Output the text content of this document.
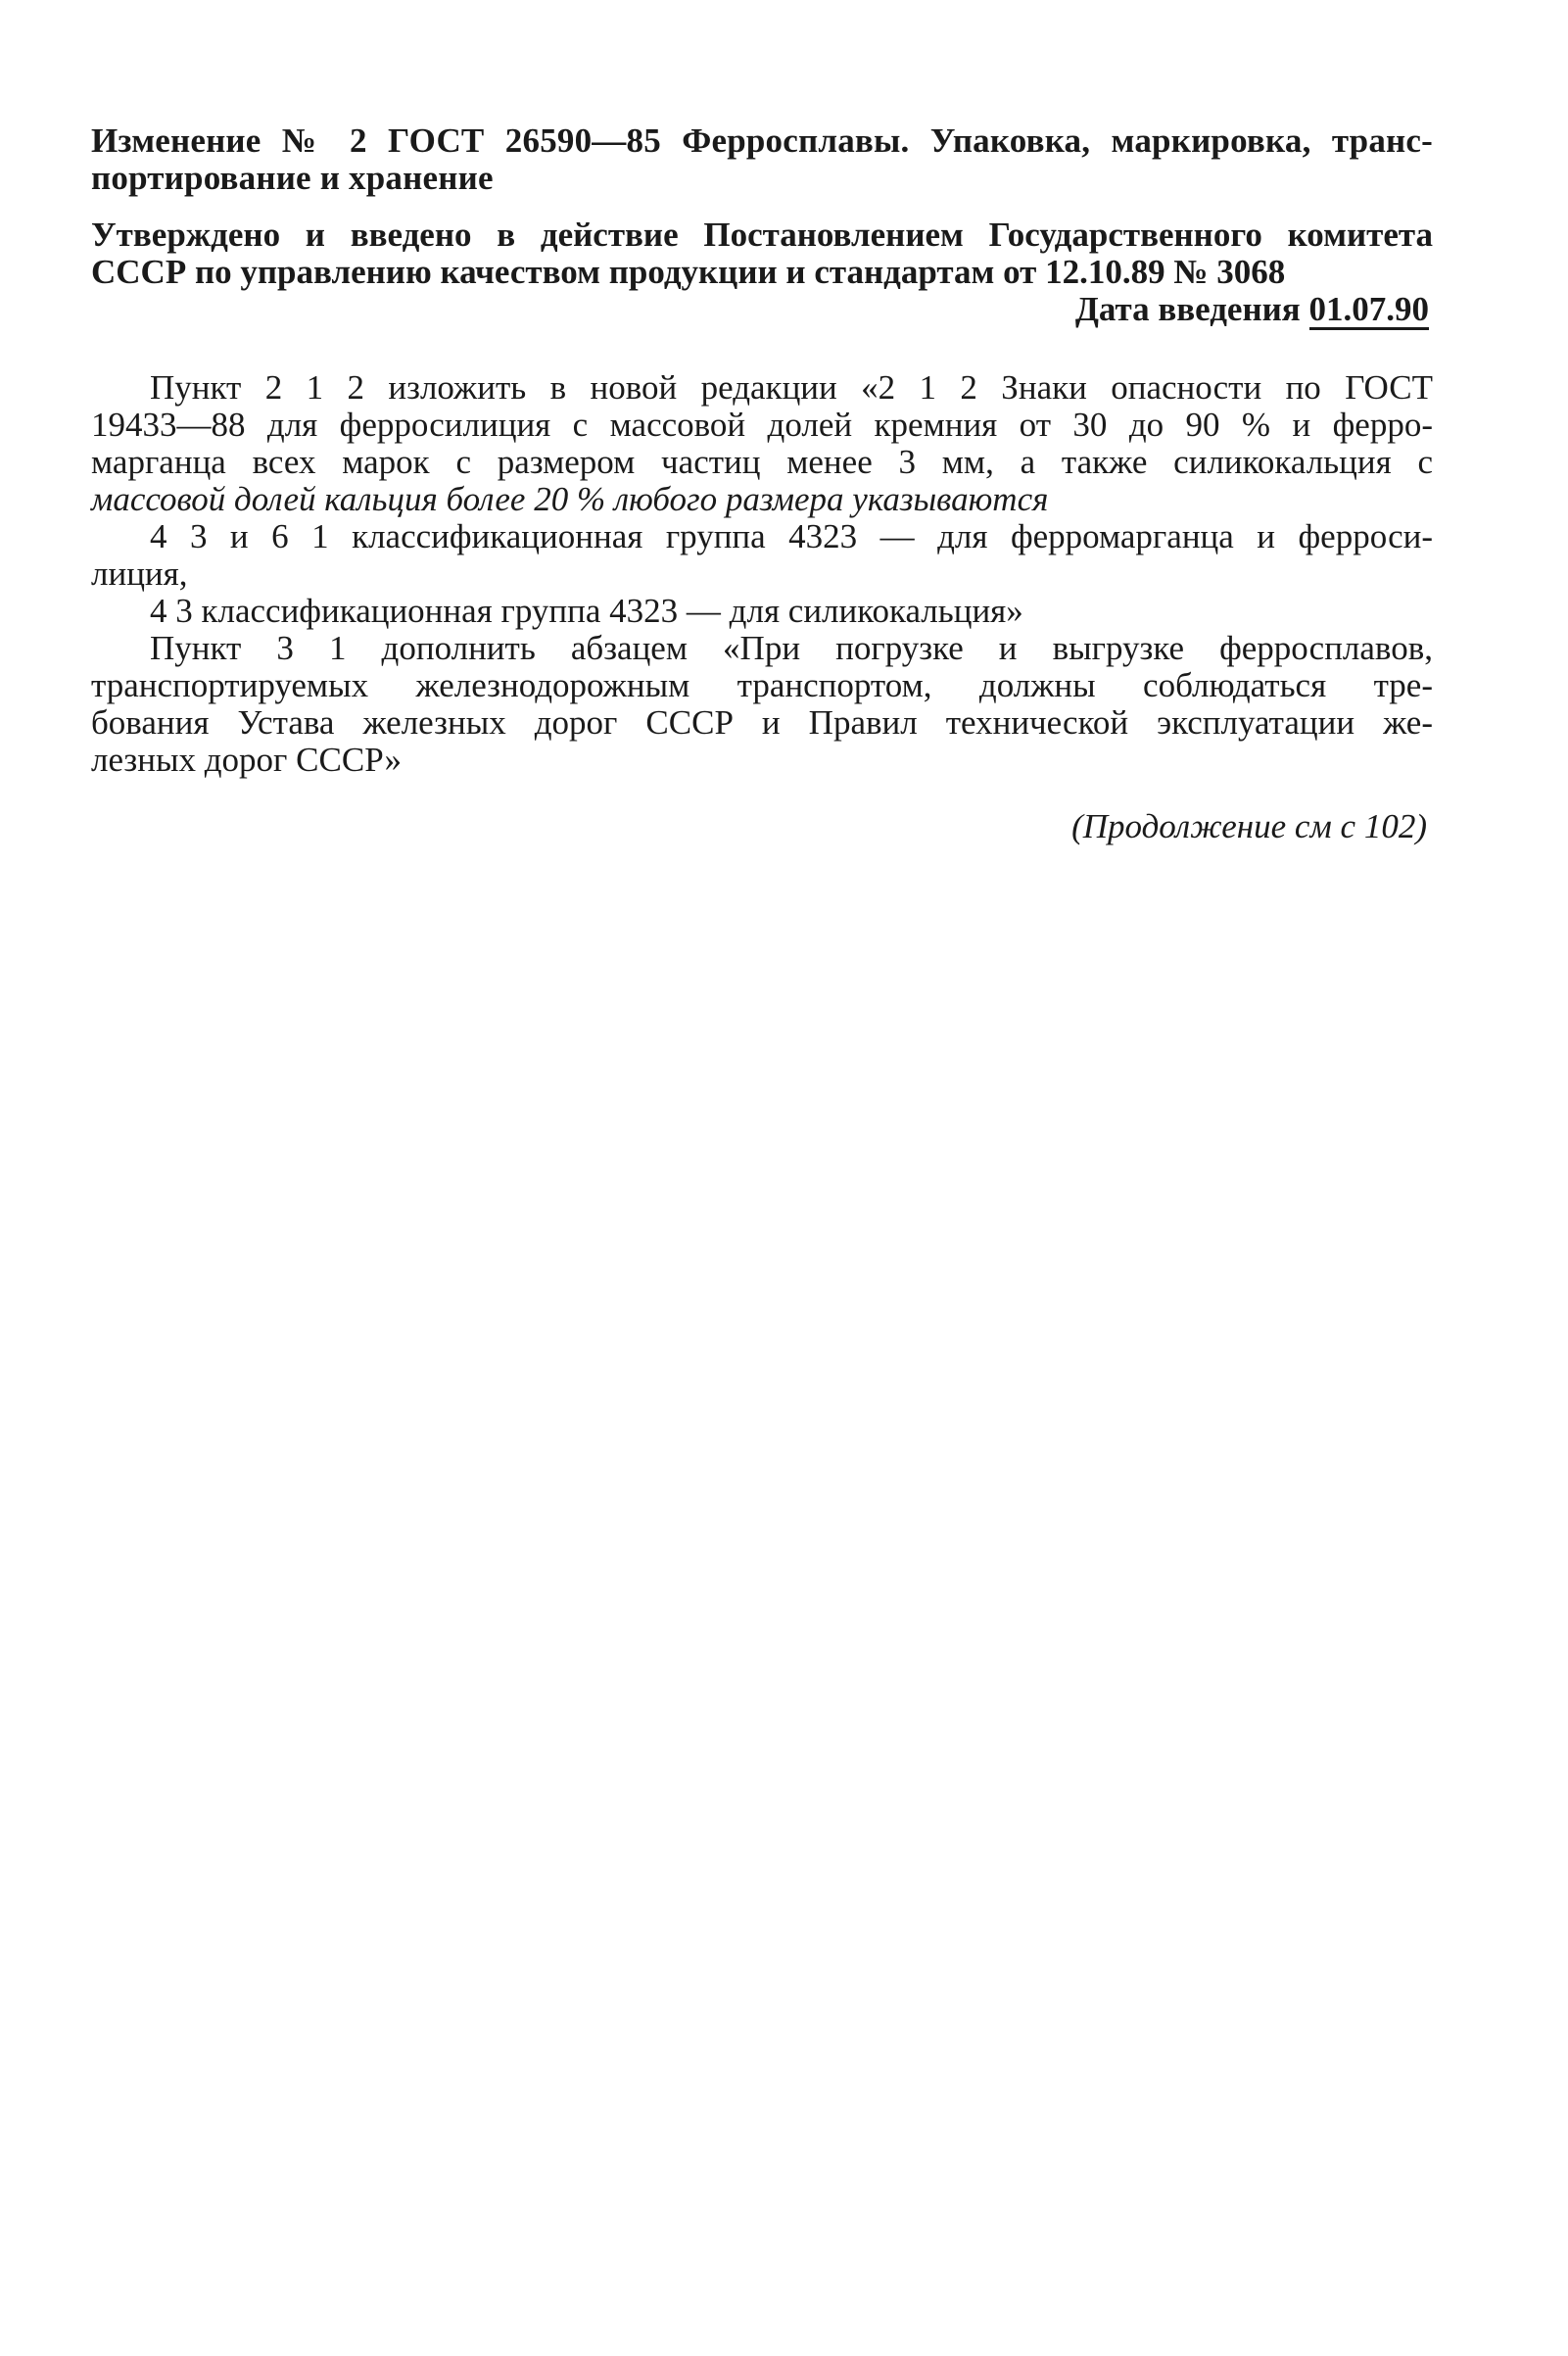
Изменение № 2 ГОСТ 26590—85 Ферросплавы. Упаковка, маркировка, транс-
портирование и хранение
Утверждено и введено в действие Постановлением Государственного комитета
СССР по управлению качеством продукции и стандартам от 12.10.89 № 3068
Дата введения 01.07.90
Пункт 2 1 2 изложить в новой редакции «2 1 2 Знаки опасности по ГОСТ
19433—88 для ферросилиция с массовой долей кремния от 30 до 90 % и ферро-
марганца всех марок с размером частиц менее 3 мм, а также силикокальция с
массовой долей кальция более 20 % любого размера указываются
4 3 и 6 1 классификационная группа 4323 — для ферромарганца и ферроси-
лиция,
4 3 классификационная группа 4323 — для силикокальция»
Пункт 3 1 дополнить абзацем «При погрузке и выгрузке ферросплавов,
транспортируемых железнодорожным транспортом, должны соблюдаться тре-
бования Устава железных дорог СССР и Правил технической эксплуатации же-
лезных дорог СССР»
(Продолжение см с 102)
